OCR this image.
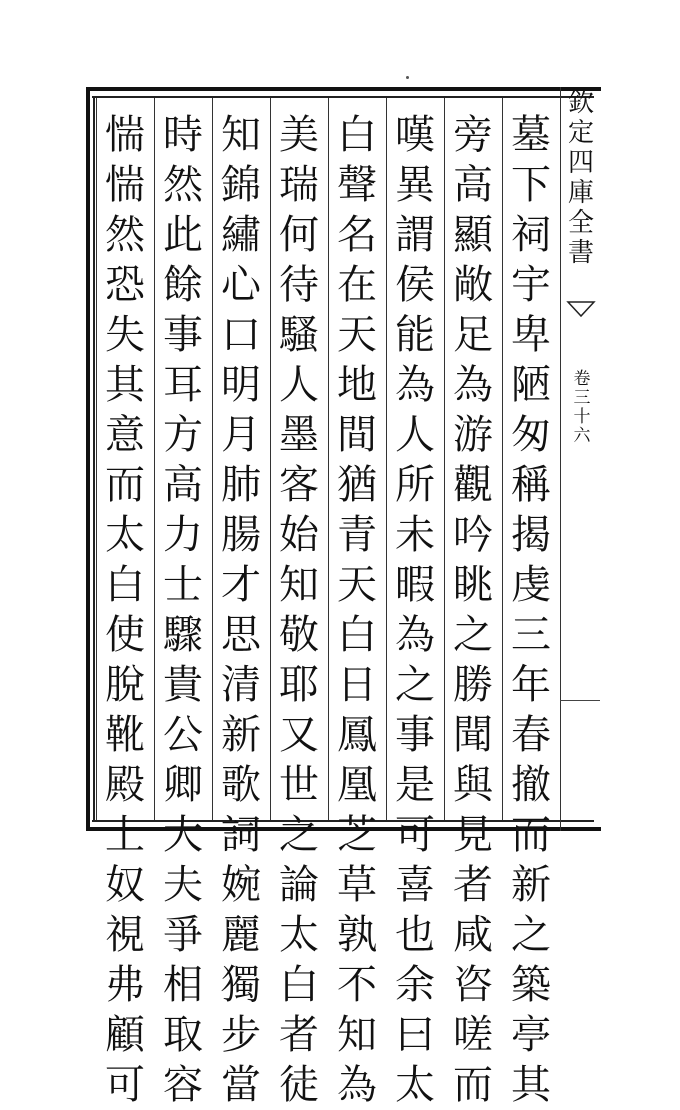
欽
定
四
庫
全
書
卷
三
十
六
墓
下
祠
宇
卑
陋
匆
稱
揭
虔
三
年
春
撤
而
新
之
築
亭
其
旁
高
顯
敞
足
為
游
觀
吟
眺
之
勝
聞
與
見
者
咸
咨
嗟
而
嘆
異
謂
侯
能
為
人
所
未
暇
為
之
事
是
可
喜
也
余
曰
太
白
聲
名
在
天
地
間
猶
青
天
白
日
鳳
凰
芝
草
孰
不
知
為
美
瑞
何
待
騷
人
墨
客
始
知
敬
耶
又
世
之
論
太
白
者
徒
知
錦
繡
心
口
明
月
肺
腸
才
思
清
新
歌
詞
婉
麗
獨
步
當
時
然
此
餘
事
耳
方
高
力
士
驟
貴
公
卿
大
夫
爭
相
取
容
惴
惴
然
恐
失
其
意
而
太
白
使
脫
靴
殿
上
奴
視
弗
顧
可
